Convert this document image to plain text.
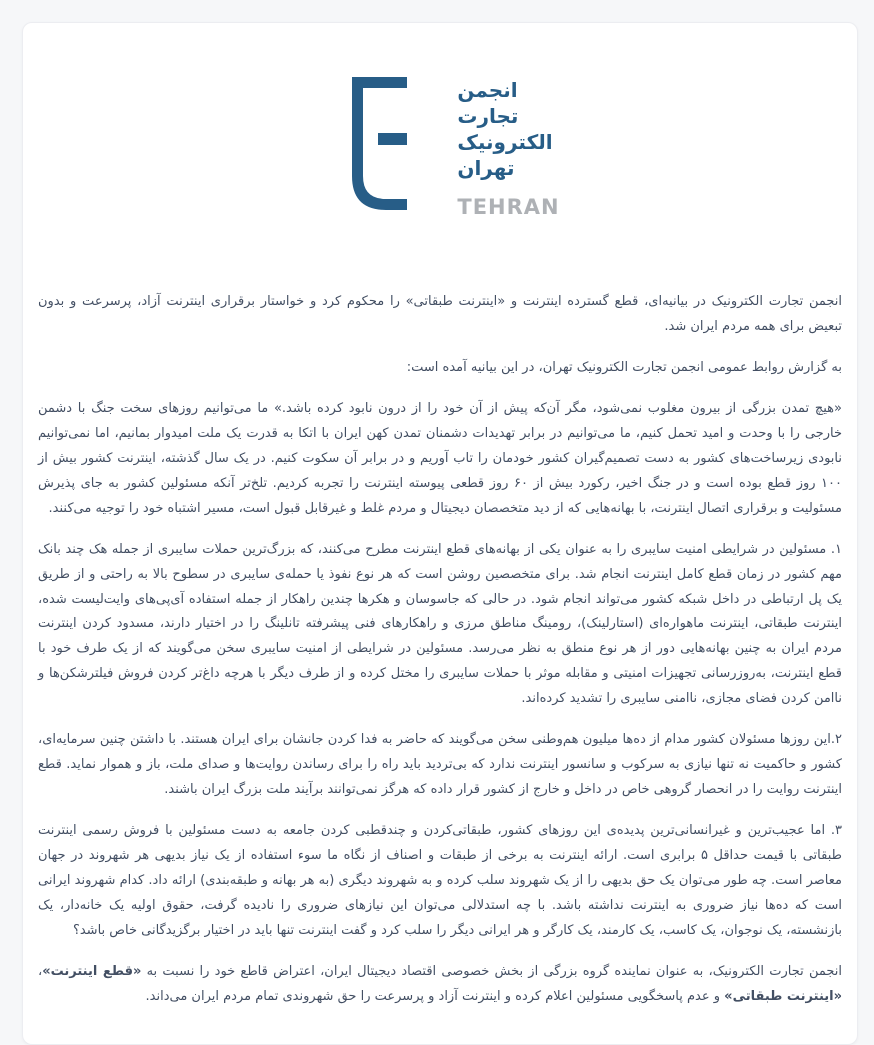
انجمن
تجارت
الکترونیک
تهران
TEHRAN

انجمن تجارت الکترونیک در بیانیه‌ای، قطع گسترده اینترنت و «اینترنت طبقاتی» را محکوم کرد و خواستار برقراری اینترنت آزاد، پرسرعت و بدون تبعیض برای همه مردم ایران شد.

به گزارش روابط عمومی انجمن تجارت الکترونیک تهران، در این بیانیه آمده است:

«هیچ تمدن بزرگی از بیرون مغلوب نمی‌شود، مگر آن‌که پیش از آن خود را از درون نابود کرده باشد.» ما می‌توانیم روزهای سخت جنگ با دشمن خارجی را با وحدت و امید تحمل کنیم، ما می‌توانیم در برابر تهدیدات دشمنان تمدن کهن ایران با اتکا به قدرت یک ملت امیدوار بمانیم، اما نمی‌توانیم نابودی زیرساخت‌های کشور به دست تصمیم‌گیران کشور خودمان را تاب آوریم و در برابر آن سکوت کنیم. در یک سال گذشته، اینترنت کشور بیش از ۱۰۰ روز قطع بوده است و در جنگ اخیر، رکورد بیش از ۶۰ روز قطعی پیوسته اینترنت را تجربه کردیم. تلخ‌تر آنکه مسئولین کشور به جای پذیرش مسئولیت و برقراری اتصال اینترنت، با بهانه‌هایی که از دید متخصصان دیجیتال و مردم غلط و غیرقابل قبول است، مسیر اشتباه خود را توجیه می‌کنند.

۱. مسئولین در شرایطی امنیت سایبری را به عنوان یکی از بهانه‌های قطع اینترنت مطرح می‌کنند، که بزرگ‌ترین حملات سایبری از جمله هک چند بانک مهم کشور در زمان قطع کامل اینترنت انجام شد. برای متخصصین روشن است که هر نوع نفوذ یا حمله‌ی سایبری در سطوح بالا به راحتی و از طریق یک پل ارتباطی در داخل شبکه کشور می‌تواند انجام شود. در حالی که جاسوسان و هکرها چندین راهکار از جمله استفاده آی‌پی‌های وایت‌لیست شده، اینترنت طبقاتی، اینترنت ماهواره‌ای (استارلینک)، رومینگ مناطق مرزی و راهکارهای فنی پیشرفته تانلینگ را در اختیار دارند، مسدود کردن اینترنت مردم ایران به چنین بهانه‌هایی دور از هر نوع منطق به نظر می‌رسد. مسئولین در شرایطی از امنیت سایبری سخن می‌گویند که از یک طرف خود با قطع اینترنت، به‌روزرسانی تجهیزات امنیتی و مقابله موثر با حملات سایبری را مختل کرده و از طرف دیگر با هرچه داغ‌تر کردن فروش فیلترشکن‌ها و ناامن کردن فضای مجازی، ناامنی سایبری را تشدید کرده‌اند.

۲.این روزها مسئولان کشور مدام از ده‌ها میلیون هم‌وطنی سخن می‌گویند که حاضر به فدا کردن جانشان برای ایران هستند. با داشتن چنین سرمایه‌ای، کشور و حاکمیت نه تنها نیازی به سرکوب و سانسور اینترنت ندارد که بی‌تردید باید راه را برای رساندن روایت‌ها و صدای ملت، باز و هموار نماید. قطع اینترنت روایت را در انحصار گروهی خاص در داخل و خارج از کشور قرار داده که هرگز نمی‌توانند برآیند ملت بزرگ ایران باشند.

۳. اما عجیب‌ترین و غیرانسانی‌ترین پدیده‌ی این روزهای کشور، طبقاتی‌کردن و چندقطبی کردن جامعه به دست مسئولین با فروش رسمی اینترنت طبقاتی با قیمت حداقل ۵ برابری است. ارائه اینترنت به برخی از طبقات و اصناف از نگاه ما سوء استفاده از یک نیاز بدیهی هر شهروند در جهان معاصر است. چه طور می‌توان یک حق بدیهی را از یک شهروند سلب کرده و به شهروند دیگری (به هر بهانه و طبقه‌بندی) ارائه داد. کدام شهروند ایرانی است که ده‌ها نیاز ضروری به اینترنت نداشته باشد. با چه استدلالی می‌توان این نیازهای ضروری را نادیده گرفت، حقوق اولیه یک خانه‌دار، یک بازنشسته، یک نوجوان، یک کاسب، یک کارمند، یک کارگر و هر ایرانی دیگر را سلب کرد و گفت اینترنت تنها باید در اختیار برگزیدگانی خاص باشد؟

انجمن تجارت الکترونیک، به عنوان نماینده گروه بزرگی از بخش خصوصی اقتصاد دیجیتال ایران، اعتراض قاطع خود را نسبت به «قطع اینترنت»، «اینترنت طبقاتی» و عدم پاسخگویی مسئولین اعلام کرده و اینترنت آزاد و پرسرعت را حق شهروندی تمام مردم ایران می‌داند.
